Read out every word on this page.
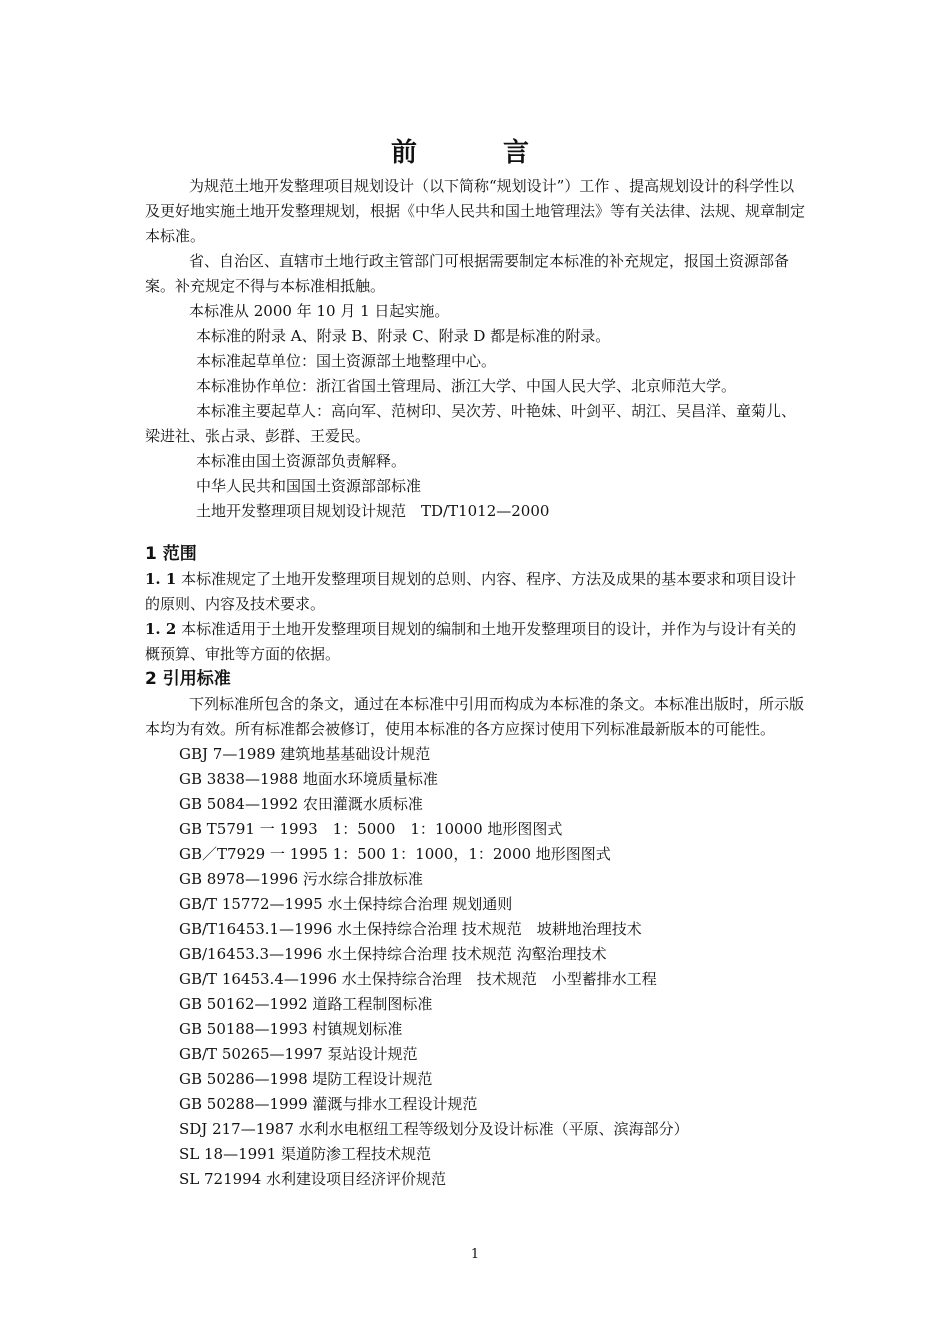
前　言

为规范土地开发整理项目规划设计（以下简称“规划设计”）工作 、提高规划设计的科学性以及更好地实施土地开发整理规划，根据《中华人民共和国土地管理法》等有关法律、法规、规章制定本标准。

省、自治区、直辖市土地行政主管部门可根据需要制定本标准的补充规定，报国土资源部备案。补充规定不得与本标准相抵触。

本标准从 2000 年 10 月 1 日起实施。

本标准的附录 A、附录 B、附录 C、附录 D 都是标准的附录。

本标准起草单位：国土资源部土地整理中心。

本标准协作单位：浙江省国土管理局、浙江大学、中国人民大学、北京师范大学。

本标准主要起草人：高向军、范树印、吴次芳、叶艳妹、叶剑平、胡江、吴昌洋、童菊儿、梁进社、张占录、彭群、王爱民。

本标准由国土资源部负责解释。

中华人民共和国国土资源部部标准

土地开发整理项目规划设计规范　TD/T1012—2000

1 范围

1. 1 本标准规定了土地开发整理项目规划的总则、内容、程序、方法及成果的基本要求和项目设计的原则、内容及技术要求。

1. 2 本标准适用于土地开发整理项目规划的编制和土地开发整理项目的设计，并作为与设计有关的概预算、审批等方面的依据。

2 引用标准

下列标准所包含的条文，通过在本标准中引用而构成为本标准的条文。本标准出版时，所示版本均为有效。所有标准都会被修订，使用本标准的各方应探讨使用下列标准最新版本的可能性。

GBJ 7—1989 建筑地基基础设计规范

GB 3838—1988 地面水环境质量标准

GB 5084—1992 农田灌溉水质标准

GB T5791 一 1993　1：5000　1：10000 地形图图式

GB／T7929 一 1995 1：500 1：1000，1：2000 地形图图式

GB 8978—1996 污水综合排放标准

GB/T 15772—1995 水土保持综合治理 规划通则

GB/T16453.1—1996 水土保持综合治理 技术规范　坡耕地治理技术

GB/16453.3—1996 水土保持综合治理 技术规范 沟壑治理技术

GB/T 16453.4—1996 水土保持综合治理　技术规范　小型蓄排水工程

GB 50162—1992 道路工程制图标准

GB 50188—1993 村镇规划标准

GB/T 50265—1997 泵站设计规范

GB 50286—1998 堤防工程设计规范

GB 50288—1999 灌溉与排水工程设计规范

SDJ 217—1987 水利水电枢纽工程等级划分及设计标准（平原、滨海部分）

SL 18—1991 渠道防渗工程技术规范

SL 721994 水利建设项目经济评价规范

1
